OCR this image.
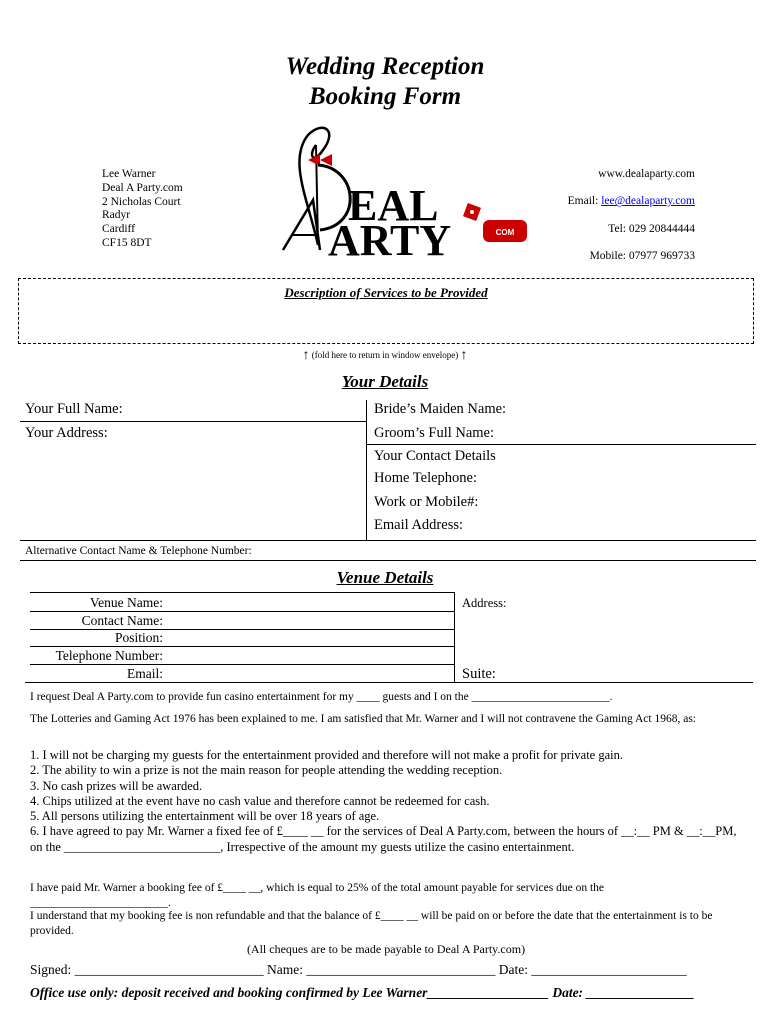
Wedding Reception
Booking Form
Lee Warner
Deal A Party.com
2 Nicholas Court
Radyr
Cardiff
CF15 8DT
EAL
ARTY	COM
www.dealaparty.com
Email: lee@dealaparty.com
Tel: 029 20844444
Mobile: 07977 969733
Description of Services to be Provided
↑ (fold here to return in window envelope) ↑
Your Details
Your Full Name:	Bride’s Maiden Name:
Your Address:	Groom’s Full Name:
Your Contact Details
Home Telephone:
Work or Mobile#:
Email Address:
Alternative Contact Name & Telephone Number:
Venue Details
Venue Name:
Contact Name:
Position:
Telephone Number:
Email:
Address:
Suite:
I request Deal A Party.com to provide fun casino entertainment for my ____ guests and I on the ________________________.
The Lotteries and Gaming Act 1976 has been explained to me. I am satisfied that Mr. Warner and I will not contravene the Gaming Act 1968, as:
1. I will not be charging my guests for the entertainment provided and therefore will not make a profit for private gain.
2. The ability to win a prize is not the main reason for people attending the wedding reception.
3. No cash prizes will be awarded.
4. Chips utilized at the event have no cash value and therefore cannot be redeemed for cash.
5. All persons utilizing the entertainment will be over 18 years of age.
6. I have agreed to pay Mr. Warner a fixed fee of £____ __ for the services of Deal A Party.com, between the hours of __:__ PM & __:__PM, on the _________________________, Irrespective of the amount my guests utilize the casino entertainment.
I have paid Mr. Warner a booking fee of £____ __, which is equal to 25% of the total amount payable for services due on the ________________________.
I understand that my booking fee is non refundable and that the balance of £____ __ will be paid on or before the date that the entertainment is to be provided.
(All cheques are to be made payable to Deal A Party.com)
Signed: ____________________________ Name: ____________________________ Date: _______________________
Office use only: deposit received and booking confirmed by Lee Warner__________________ Date: ________________
